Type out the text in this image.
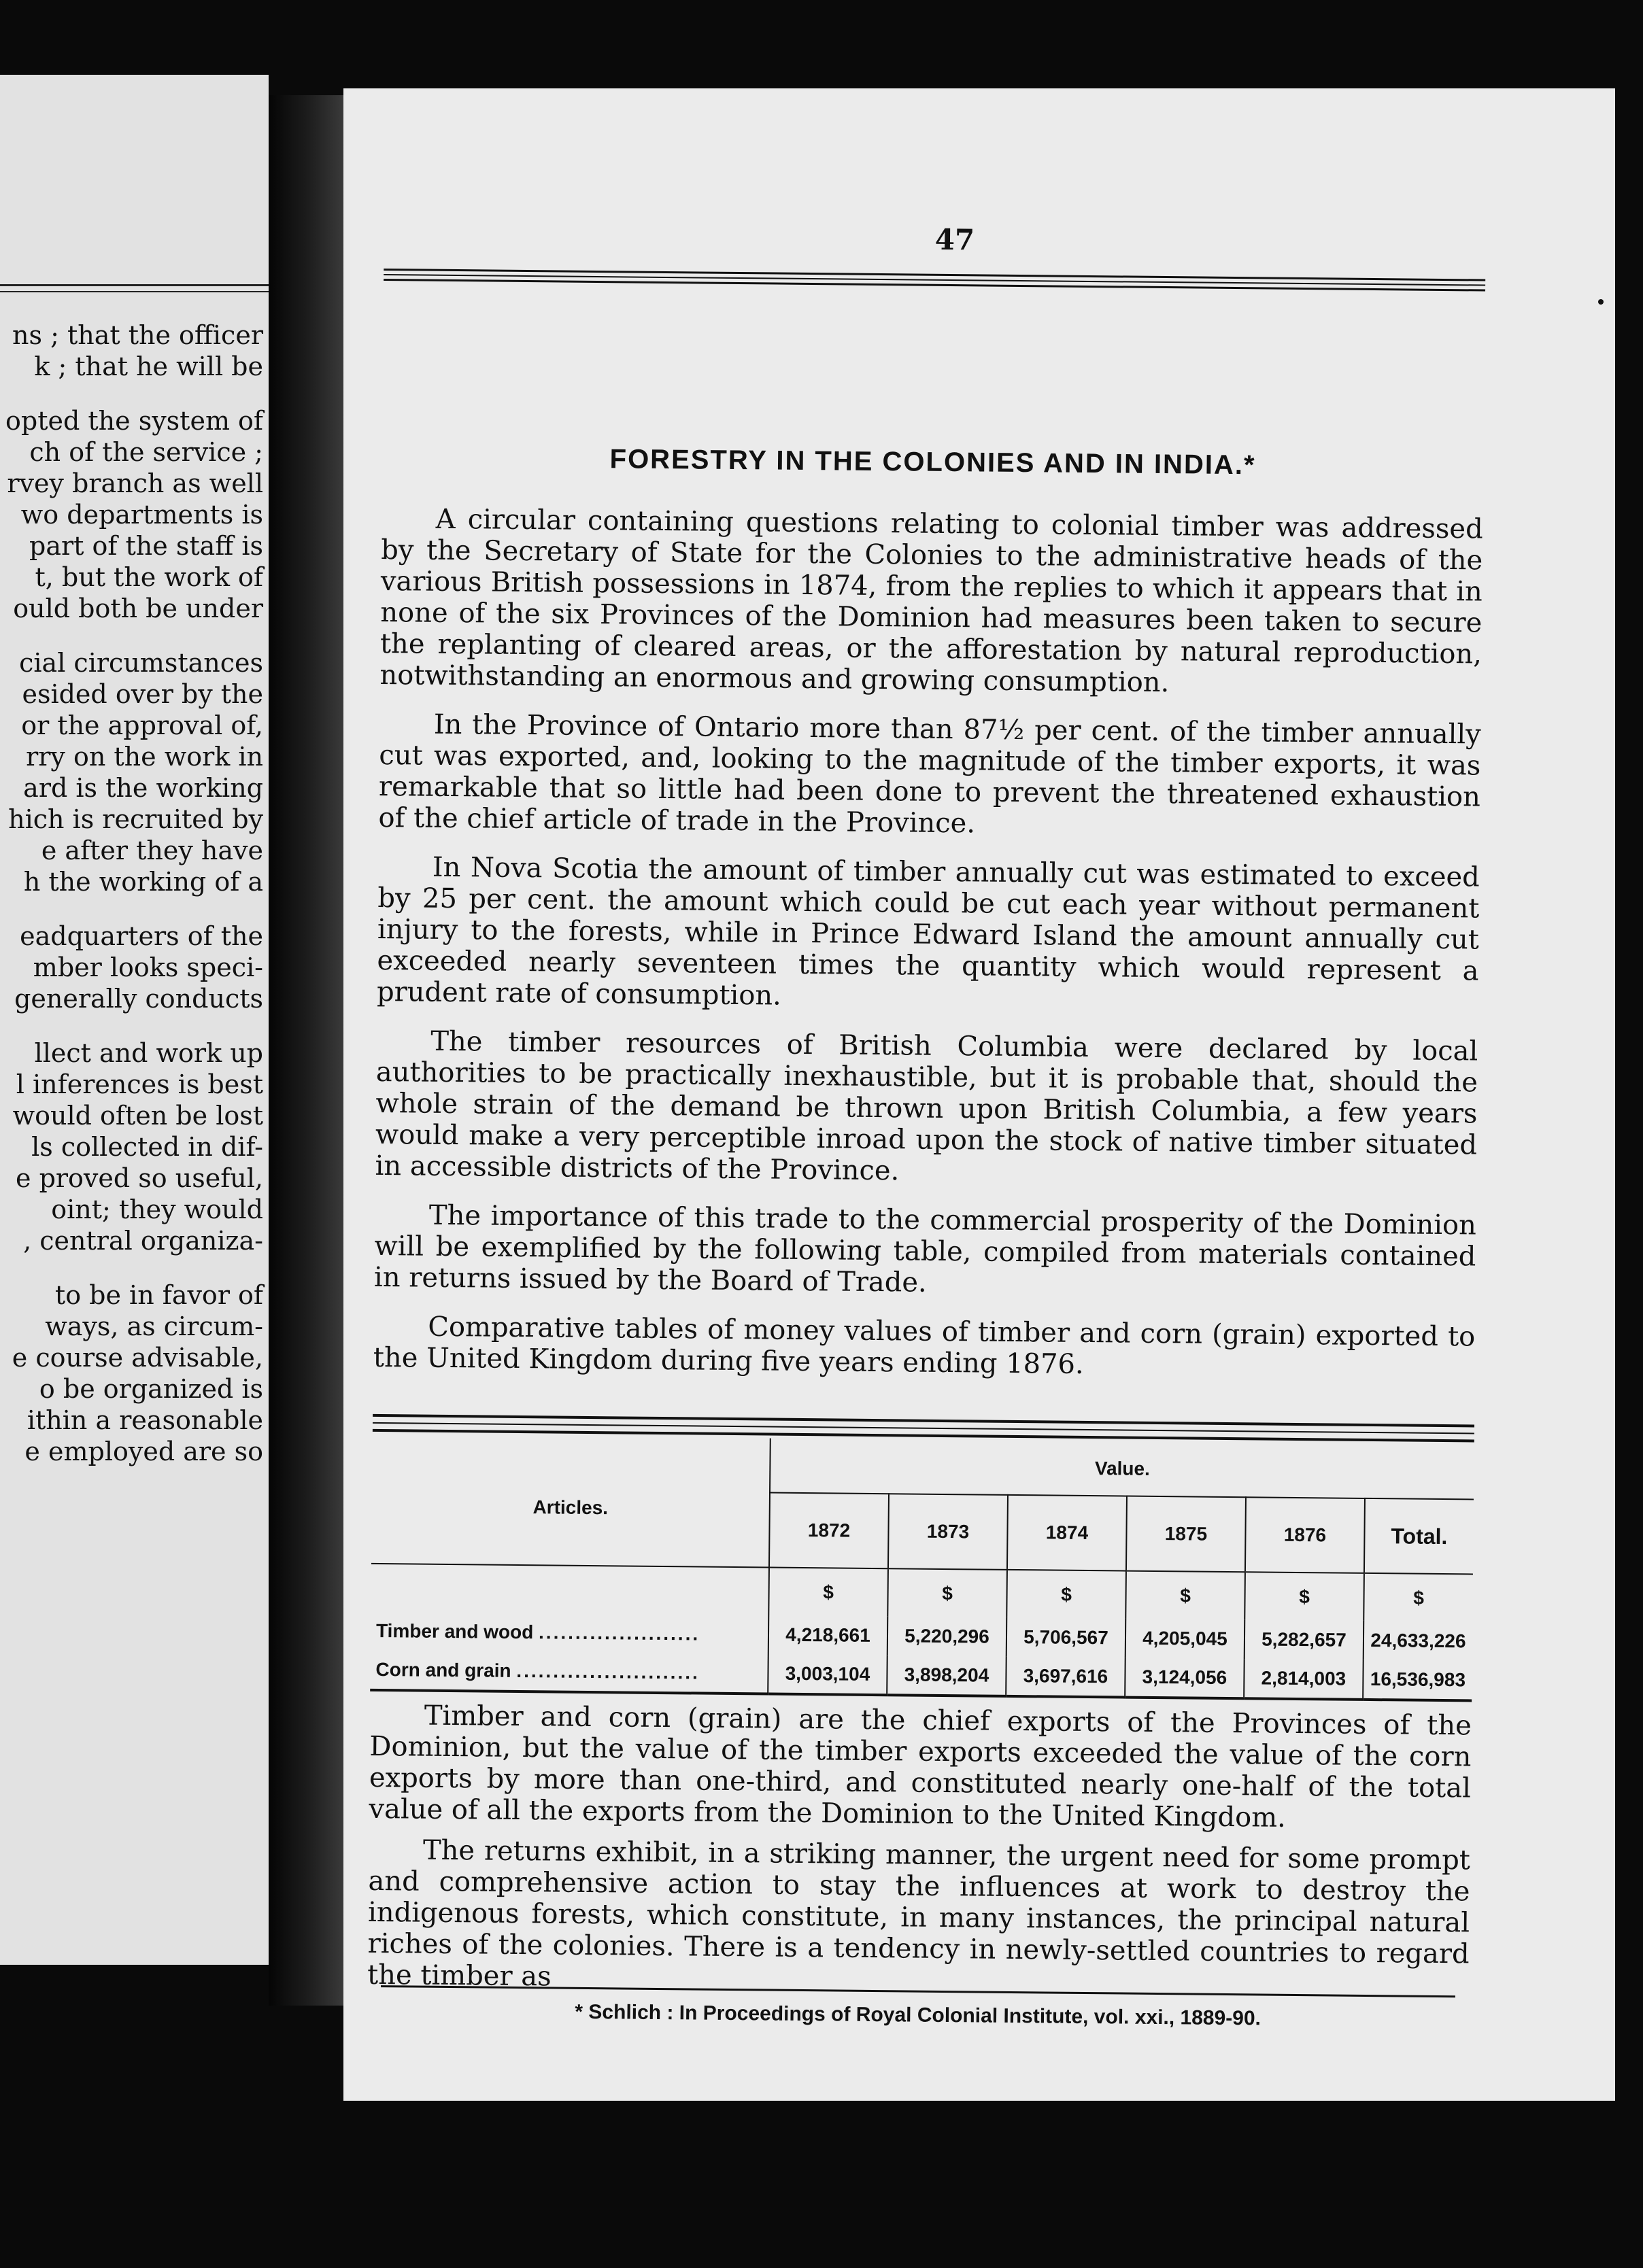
ns ; that the officer
k ; that he will be
opted the system of
ch of the service ;
rvey branch as well
wo departments is
part of the staff is
t, but the work of
ould both be under
cial circumstances
esided over by the
or the approval of,
rry on the work in
ard is the working
hich is recruited by
e after they have
h the working of a
eadquarters of the
mber looks speci-
generally conducts
llect and work up
l inferences is best
would often be lost
ls collected in dif-
e proved so useful,
oint; they would
, central organiza-
to be in favor of
ways, as circum-
e course advisable,
o be organized is
ithin a reasonable
e employed are so
47
FORESTRY IN THE COLONIES AND IN INDIA.*

A circular containing questions relating to colonial timber was addressed by the Secretary of State for the Colonies to the administrative heads of the various British possessions in 1874, from the replies to which it appears that in none of the six Provinces of the Dominion had measures been taken to secure the replanting of cleared areas, or the afforestation by natural reproduction, notwithstanding an enormous and growing consumption.

In the Province of Ontario more than 87½ per cent. of the timber annually cut was exported, and, looking to the magnitude of the timber exports, it was remarkable that so little had been done to prevent the threatened exhaustion of the chief article of trade in the Province.

In Nova Scotia the amount of timber annually cut was estimated to exceed by 25 per cent. the amount which could be cut each year without permanent injury to the forests, while in Prince Edward Island the amount annually cut exceeded nearly seventeen times the quantity which would represent a prudent rate of consumption.

The timber resources of British Columbia were declared by local authorities to be practically inexhaustible, but it is probable that, should the whole strain of the demand be thrown upon British Columbia, a few years would make a very perceptible inroad upon the stock of native timber situated in accessible districts of the Province.

The importance of this trade to the commercial prosperity of the Dominion will be exemplified by the following table, compiled from materials contained in returns issued by the Board of Trade.

Comparative tables of money values of timber and corn (grain) exported to the United Kingdom during five years ending 1876.

Articles.	Value.					
	1872	1873	1874	1875	1876	Total.
	$	$	$	$	$	$
Timber and wood ......................	4,218,661	5,220,296	5,706,567	4,205,045	5,282,657	24,633,226
Corn and grain .........................	3,003,104	3,898,204	3,697,616	3,124,056	2,814,003	16,536,983

Timber and corn (grain) are the chief exports of the Provinces of the Dominion, but the value of the timber exports exceeded the value of the corn exports by more than one-third, and constituted nearly one-half of the total value of all the exports from the Dominion to the United Kingdom.

The returns exhibit, in a striking manner, the urgent need for some prompt and comprehensive action to stay the influences at work to destroy the indigenous forests, which constitute, in many instances, the principal natural riches of the colonies. There is a tendency in newly-settled countries to regard the timber as

* Schlich : In Proceedings of Royal Colonial Institute, vol. xxi., 1889-90.
